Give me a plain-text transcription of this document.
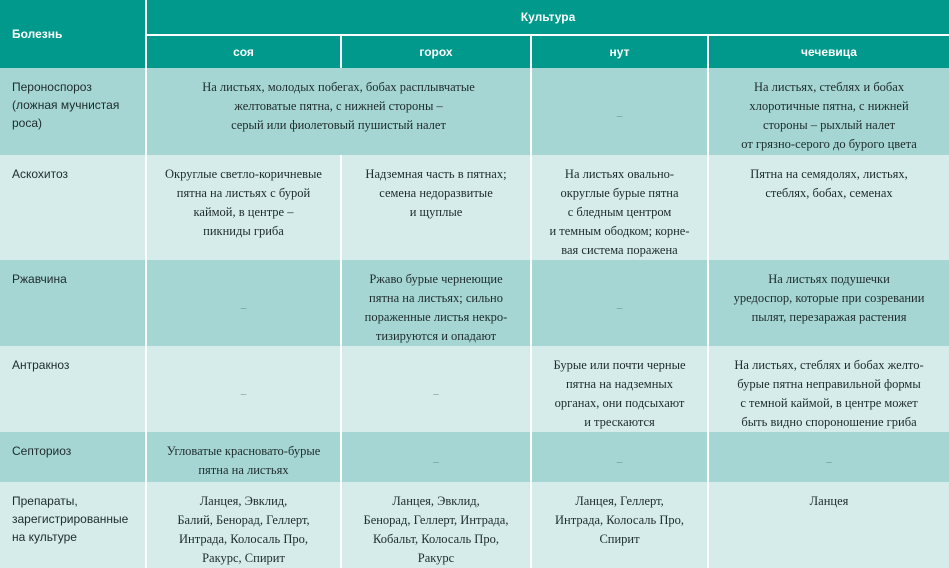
Болезнь	Культура			
	соя	горох	нут	чечевица
Пероноспороз
(ложная мучнистая
роса)	На листьях, молодых побегах, бобах расплывчатые
желтоватые пятна, с нижней стороны –
серый или фиолетовый пушистый налет		–	На листьях, стеблях и бобах
хлоротичные пятна, с нижней
стороны – рыхлый налет
от грязно-серого до бурого цвета
Аскохитоз	Округлые светло-коричневые
пятна на листьях с бурой
каймой, в центре –
пикниды гриба	Надземная часть в пятнах;
семена недоразвитые
и щуплые	На листьях овально-
округлые бурые пятна
с бледным центром
и темным ободком; корне-
вая система поражена	Пятна на семядолях, листьях,
стеблях, бобах, семенах
Ржавчина	–	Ржаво бурые чернеющие
пятна на листьях; сильно
пораженные листья некро-
тизируются и опадают	–	На листьях подушечки
уредоспор, которые при созревании
пылят, перезаражая растения
Антракноз	–	–	Бурые или почти черные
пятна на надземных
органах, они подсыхают
и трескаются	На листьях, стеблях и бобах желто-
бурые пятна неправильной формы
с темной каймой, в центре может
быть видно спороношение гриба
Септориоз	Угловатые красновато-бурые
пятна на листьях	–	–	–
Препараты,
зарегистрированные
на культуре	Ланцея, Эвклид,
Балий, Бенорад, Геллерт,
Интрада, Колосаль Про,
Ракурс, Спирит	Ланцея, Эвклид,
Бенорад, Геллерт, Интрада,
Кобальт, Колосаль Про,
Ракурс	Ланцея, Геллерт,
Интрада, Колосаль Про,
Спирит	Ланцея
